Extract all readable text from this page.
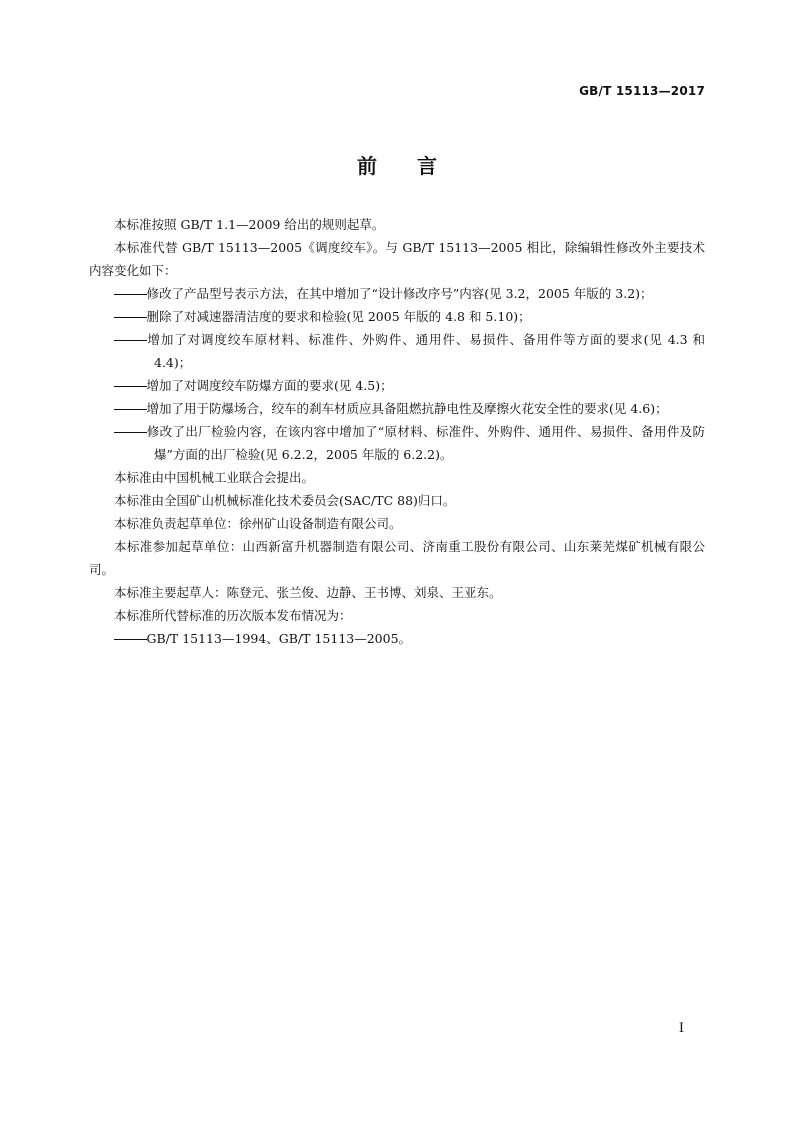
GB/T 15113—2017
前言

本标准按照 GB/T 1.1—2009 给出的规则起草。

本标准代替 GB/T 15113—2005《调度绞车》。与 GB/T 15113—2005 相比，除编辑性修改外主要技术内容变化如下：

修改了产品型号表示方法，在其中增加了“设计修改序号”内容(见 3.2，2005 年版的 3.2)；

删除了对减速器清洁度的要求和检验(见 2005 年版的 4.8 和 5.10)；

增加了对调度绞车原材料、标准件、外购件、通用件、易损件、备用件等方面的要求(见 4.3 和 4.4)；

增加了对调度绞车防爆方面的要求(见 4.5)；

增加了用于防爆场合，绞车的刹车材质应具备阻燃抗静电性及摩擦火花安全性的要求(见 4.6)；

修改了出厂检验内容，在该内容中增加了“原材料、标准件、外购件、通用件、易损件、备用件及防爆”方面的出厂检验(见 6.2.2，2005 年版的 6.2.2)。

本标准由中国机械工业联合会提出。

本标准由全国矿山机械标准化技术委员会(SAC/TC 88)归口。

本标准负责起草单位：徐州矿山设备制造有限公司。

本标准参加起草单位：山西新富升机器制造有限公司、济南重工股份有限公司、山东莱芜煤矿机械有限公司。

本标准主要起草人：陈登元、张兰俊、边静、王书博、刘泉、王亚东。

本标准所代替标准的历次版本发布情况为：

GB/T 15113—1994、GB/T 15113—2005。

I
